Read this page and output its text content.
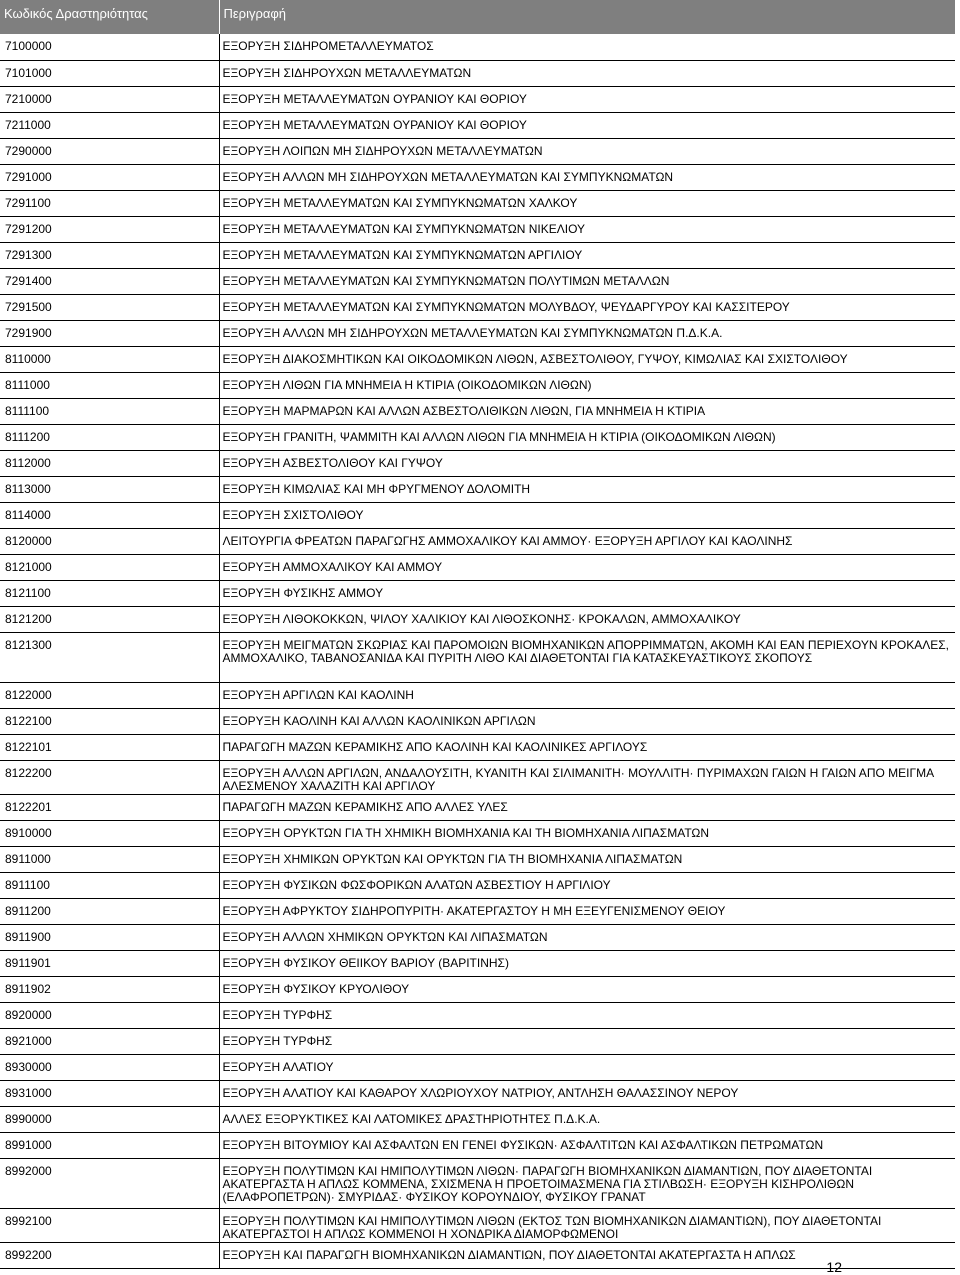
Κωδικός Δραστηριότητας	Περιγραφή
7100000	ΕΞΟΡΥΞΗ ΣΙΔΗΡΟΜΕΤΑΛΛΕΥΜΑΤΟΣ
7101000	ΕΞΟΡΥΞΗ ΣΙΔΗΡΟΥΧΩΝ ΜΕΤΑΛΛΕΥΜΑΤΩΝ
7210000	ΕΞΟΡΥΞΗ ΜΕΤΑΛΛΕΥΜΑΤΩΝ ΟΥΡΑΝΙΟΥ ΚΑΙ ΘΟΡΙΟΥ
7211000	ΕΞΟΡΥΞΗ ΜΕΤΑΛΛΕΥΜΑΤΩΝ ΟΥΡΑΝΙΟΥ ΚΑΙ ΘΟΡΙΟΥ
7290000	ΕΞΟΡΥΞΗ ΛΟΙΠΩΝ ΜΗ ΣΙΔΗΡΟΥΧΩΝ ΜΕΤΑΛΛΕΥΜΑΤΩΝ
7291000	ΕΞΟΡΥΞΗ ΑΛΛΩΝ ΜΗ ΣΙΔΗΡΟΥΧΩΝ ΜΕΤΑΛΛΕΥΜΑΤΩΝ ΚΑΙ ΣΥΜΠΥΚΝΩΜΑΤΩΝ
7291100	ΕΞΟΡΥΞΗ ΜΕΤΑΛΛΕΥΜΑΤΩΝ ΚΑΙ ΣΥΜΠΥΚΝΩΜΑΤΩΝ ΧΑΛΚΟΥ
7291200	ΕΞΟΡΥΞΗ ΜΕΤΑΛΛΕΥΜΑΤΩΝ ΚΑΙ ΣΥΜΠΥΚΝΩΜΑΤΩΝ ΝΙΚΕΛΙΟΥ
7291300	ΕΞΟΡΥΞΗ ΜΕΤΑΛΛΕΥΜΑΤΩΝ ΚΑΙ ΣΥΜΠΥΚΝΩΜΑΤΩΝ ΑΡΓΙΛΙΟΥ
7291400	ΕΞΟΡΥΞΗ ΜΕΤΑΛΛΕΥΜΑΤΩΝ ΚΑΙ ΣΥΜΠΥΚΝΩΜΑΤΩΝ ΠΟΛΥΤΙΜΩΝ ΜΕΤΑΛΛΩΝ
7291500	ΕΞΟΡΥΞΗ ΜΕΤΑΛΛΕΥΜΑΤΩΝ ΚΑΙ ΣΥΜΠΥΚΝΩΜΑΤΩΝ ΜΟΛΥΒΔΟΥ, ΨΕΥΔΑΡΓΥΡΟΥ ΚΑΙ ΚΑΣΣΙΤΕΡΟΥ
7291900	ΕΞΟΡΥΞΗ ΑΛΛΩΝ ΜΗ ΣΙΔΗΡΟΥΧΩΝ ΜΕΤΑΛΛΕΥΜΑΤΩΝ ΚΑΙ ΣΥΜΠΥΚΝΩΜΑΤΩΝ Π.Δ.Κ.Α.
8110000	ΕΞΟΡΥΞΗ ΔΙΑΚΟΣΜΗΤΙΚΩΝ ΚΑΙ ΟΙΚΟΔΟΜΙΚΩΝ ΛΙΘΩΝ, ΑΣΒΕΣΤΟΛΙΘΟΥ, ΓΥΨΟΥ, ΚΙΜΩΛΙΑΣ ΚΑΙ ΣΧΙΣΤΟΛΙΘΟΥ
8111000	ΕΞΟΡΥΞΗ ΛΙΘΩΝ ΓΙΑ ΜΝΗΜΕΙΑ Η ΚΤΙΡΙΑ (ΟΙΚΟΔΟΜΙΚΩΝ ΛΙΘΩΝ)
8111100	ΕΞΟΡΥΞΗ ΜΑΡΜΑΡΩΝ ΚΑΙ ΑΛΛΩΝ ΑΣΒΕΣΤΟΛΙΘΙΚΩΝ ΛΙΘΩΝ, ΓΙΑ ΜΝΗΜΕΙΑ Η ΚΤΙΡΙΑ
8111200	ΕΞΟΡΥΞΗ ΓΡΑΝΙΤΗ, ΨΑΜΜΙΤΗ ΚΑΙ ΑΛΛΩΝ ΛΙΘΩΝ ΓΙΑ ΜΝΗΜΕΙΑ Η ΚΤΙΡΙΑ (ΟΙΚΟΔΟΜΙΚΩΝ ΛΙΘΩΝ)
8112000	ΕΞΟΡΥΞΗ ΑΣΒΕΣΤΟΛΙΘΟΥ ΚΑΙ ΓΥΨΟΥ
8113000	ΕΞΟΡΥΞΗ ΚΙΜΩΛΙΑΣ ΚΑΙ ΜΗ ΦΡΥΓΜΕΝΟΥ ΔΟΛΟΜΙΤΗ
8114000	ΕΞΟΡΥΞΗ ΣΧΙΣΤΟΛΙΘΟΥ
8120000	ΛΕΙΤΟΥΡΓΙΑ ΦΡΕΑΤΩΝ ΠΑΡΑΓΩΓΗΣ ΑΜΜΟΧΑΛΙΚΟΥ ΚΑΙ ΑΜΜΟΥ· ΕΞΟΡΥΞΗ ΑΡΓΙΛΟΥ ΚΑΙ ΚΑΟΛΙΝΗΣ
8121000	ΕΞΟΡΥΞΗ ΑΜΜΟΧΑΛΙΚΟΥ ΚΑΙ ΑΜΜΟΥ
8121100	ΕΞΟΡΥΞΗ ΦΥΣΙΚΗΣ ΑΜΜΟΥ
8121200	ΕΞΟΡΥΞΗ ΛΙΘΟΚΟΚΚΩΝ, ΨΙΛΟΥ ΧΑΛΙΚΙΟΥ ΚΑΙ ΛΙΘΟΣΚΟΝΗΣ· ΚΡΟΚΑΛΩΝ, ΑΜΜΟΧΑΛΙΚΟΥ
8121300	ΕΞΟΡΥΞΗ ΜΕΙΓΜΑΤΩΝ ΣΚΩΡΙΑΣ ΚΑΙ ΠΑΡΟΜΟΙΩΝ ΒΙΟΜΗΧΑΝΙΚΩΝ ΑΠΟΡΡΙΜΜΑΤΩΝ, ΑΚΟΜΗ ΚΑΙ ΕΑΝ ΠΕΡΙΕΧΟΥΝ ΚΡΟΚΑΛΕΣ, ΑΜΜΟΧΑΛΙΚΟ, ΤΑΒΑΝΟΣΑΝΙΔΑ ΚΑΙ ΠΥΡΙΤΗ ΛΙΘΟ ΚΑΙ ΔΙΑΘΕΤΟΝΤΑΙ ΓΙΑ ΚΑΤΑΣΚΕΥΑΣΤΙΚΟΥΣ ΣΚΟΠΟΥΣ
8122000	ΕΞΟΡΥΞΗ ΑΡΓΙΛΩΝ ΚΑΙ ΚΑΟΛΙΝΗ
8122100	ΕΞΟΡΥΞΗ ΚΑΟΛΙΝΗ ΚΑΙ ΑΛΛΩΝ ΚΑΟΛΙΝΙΚΩΝ ΑΡΓΙΛΩΝ
8122101	ΠΑΡΑΓΩΓΗ ΜΑΖΩΝ ΚΕΡΑΜΙΚΗΣ ΑΠΟ ΚΑΟΛΙΝΗ ΚΑΙ ΚΑΟΛΙΝΙΚΕΣ ΑΡΓΙΛΟΥΣ
8122200	ΕΞΟΡΥΞΗ ΑΛΛΩΝ ΑΡΓΙΛΩΝ, ΑΝΔΑΛΟΥΣΙΤΗ, ΚΥΑΝΙΤΗ ΚΑΙ ΣΙΛΙΜΑΝΙΤΗ· ΜΟΥΛΛΙΤΗ· ΠΥΡΙΜΑΧΩΝ ΓΑΙΩΝ Η ΓΑΙΩΝ ΑΠΟ ΜΕΙΓΜΑ ΑΛΕΣΜΕΝΟΥ ΧΑΛΑΖΙΤΗ ΚΑΙ ΑΡΓΙΛΟΥ
8122201	ΠΑΡΑΓΩΓΗ ΜΑΖΩΝ ΚΕΡΑΜΙΚΗΣ ΑΠΟ ΑΛΛΕΣ ΥΛΕΣ
8910000	ΕΞΟΡΥΞΗ ΟΡΥΚΤΩΝ ΓΙΑ ΤΗ ΧΗΜΙΚΗ ΒΙΟΜΗΧΑΝΙΑ ΚΑΙ ΤΗ ΒΙΟΜΗΧΑΝΙΑ ΛΙΠΑΣΜΑΤΩΝ
8911000	ΕΞΟΡΥΞΗ ΧΗΜΙΚΩΝ ΟΡΥΚΤΩΝ ΚΑΙ ΟΡΥΚΤΩΝ ΓΙΑ ΤΗ ΒΙΟΜΗΧΑΝΙΑ ΛΙΠΑΣΜΑΤΩΝ
8911100	ΕΞΟΡΥΞΗ ΦΥΣΙΚΩΝ ΦΩΣΦΟΡΙΚΩΝ ΑΛΑΤΩΝ ΑΣΒΕΣΤΙΟΥ Η ΑΡΓΙΛΙΟΥ
8911200	ΕΞΟΡΥΞΗ ΑΦΡΥΚΤΟΥ ΣΙΔΗΡΟΠΥΡΙΤΗ· ΑΚΑΤΕΡΓΑΣΤΟΥ Η ΜΗ ΕΞΕΥΓΕΝΙΣΜΕΝΟΥ ΘΕΙΟΥ
8911900	ΕΞΟΡΥΞΗ ΑΛΛΩΝ ΧΗΜΙΚΩΝ ΟΡΥΚΤΩΝ ΚΑΙ ΛΙΠΑΣΜΑΤΩΝ
8911901	ΕΞΟΡΥΞΗ ΦΥΣΙΚΟΥ ΘΕΙΙΚΟΥ ΒΑΡΙΟΥ (ΒΑΡΙΤΙΝΗΣ)
8911902	ΕΞΟΡΥΞΗ ΦΥΣΙΚΟΥ ΚΡΥΟΛΙΘΟΥ
8920000	ΕΞΟΡΥΞΗ ΤΥΡΦΗΣ
8921000	ΕΞΟΡΥΞΗ ΤΥΡΦΗΣ
8930000	ΕΞΟΡΥΞΗ ΑΛΑΤΙΟΥ
8931000	ΕΞΟΡΥΞΗ ΑΛΑΤΙΟΥ ΚΑΙ ΚΑΘΑΡΟΥ ΧΛΩΡΙΟΥΧΟΥ ΝΑΤΡΙΟΥ, ΑΝΤΛΗΣΗ ΘΑΛΑΣΣΙΝΟΥ ΝΕΡΟΥ
8990000	ΑΛΛΕΣ ΕΞΟΡΥΚΤΙΚΕΣ ΚΑΙ ΛΑΤΟΜΙΚΕΣ ΔΡΑΣΤΗΡΙΟΤΗΤΕΣ Π.Δ.Κ.Α.
8991000	ΕΞΟΡΥΞΗ ΒΙΤΟΥΜΙΟΥ ΚΑΙ ΑΣΦΑΛΤΩΝ ΕΝ ΓΕΝΕΙ ΦΥΣΙΚΩΝ· ΑΣΦΑΛΤΙΤΩΝ ΚΑΙ ΑΣΦΑΛΤΙΚΩΝ ΠΕΤΡΩΜΑΤΩΝ
8992000	ΕΞΟΡΥΞΗ ΠΟΛΥΤΙΜΩΝ ΚΑΙ ΗΜΙΠΟΛΥΤΙΜΩΝ ΛΙΘΩΝ· ΠΑΡΑΓΩΓΗ ΒΙΟΜΗΧΑΝΙΚΩΝ ΔΙΑΜΑΝΤΙΩΝ, ΠΟΥ ΔΙΑΘΕΤΟΝΤΑΙ ΑΚΑΤΕΡΓΑΣΤΑ Η ΑΠΛΩΣ ΚΟΜΜΕΝΑ, ΣΧΙΣΜΕΝΑ Η ΠΡΟΕΤΟΙΜΑΣΜΕΝΑ ΓΙΑ ΣΤΙΛΒΩΣΗ· ΕΞΟΡΥΞΗ ΚΙΣΗΡΟΛΙΘΩΝ (ΕΛΑΦΡΟΠΕΤΡΩΝ)· ΣΜΥΡΙΔΑΣ· ΦΥΣΙΚΟΥ ΚΟΡΟΥΝΔΙΟΥ, ΦΥΣΙΚΟΥ ΓΡΑΝΑΤ
8992100	ΕΞΟΡΥΞΗ ΠΟΛΥΤΙΜΩΝ ΚΑΙ ΗΜΙΠΟΛΥΤΙΜΩΝ ΛΙΘΩΝ (ΕΚΤΟΣ ΤΩΝ ΒΙΟΜΗΧΑΝΙΚΩΝ ΔΙΑΜΑΝΤΙΩΝ), ΠΟΥ ΔΙΑΘΕΤΟΝΤΑΙ ΑΚΑΤΕΡΓΑΣΤΟΙ Η ΑΠΛΩΣ ΚΟΜΜΕΝΟΙ Η ΧΟΝΔΡΙΚΑ ΔΙΑΜΟΡΦΩΜΕΝΟΙ
8992200	ΕΞΟΡΥΞΗ ΚΑΙ ΠΑΡΑΓΩΓΗ ΒΙΟΜΗΧΑΝΙΚΩΝ ΔΙΑΜΑΝΤΙΩΝ, ΠΟΥ ΔΙΑΘΕΤΟΝΤΑΙ ΑΚΑΤΕΡΓΑΣΤΑ Η ΑΠΛΩΣ
12
